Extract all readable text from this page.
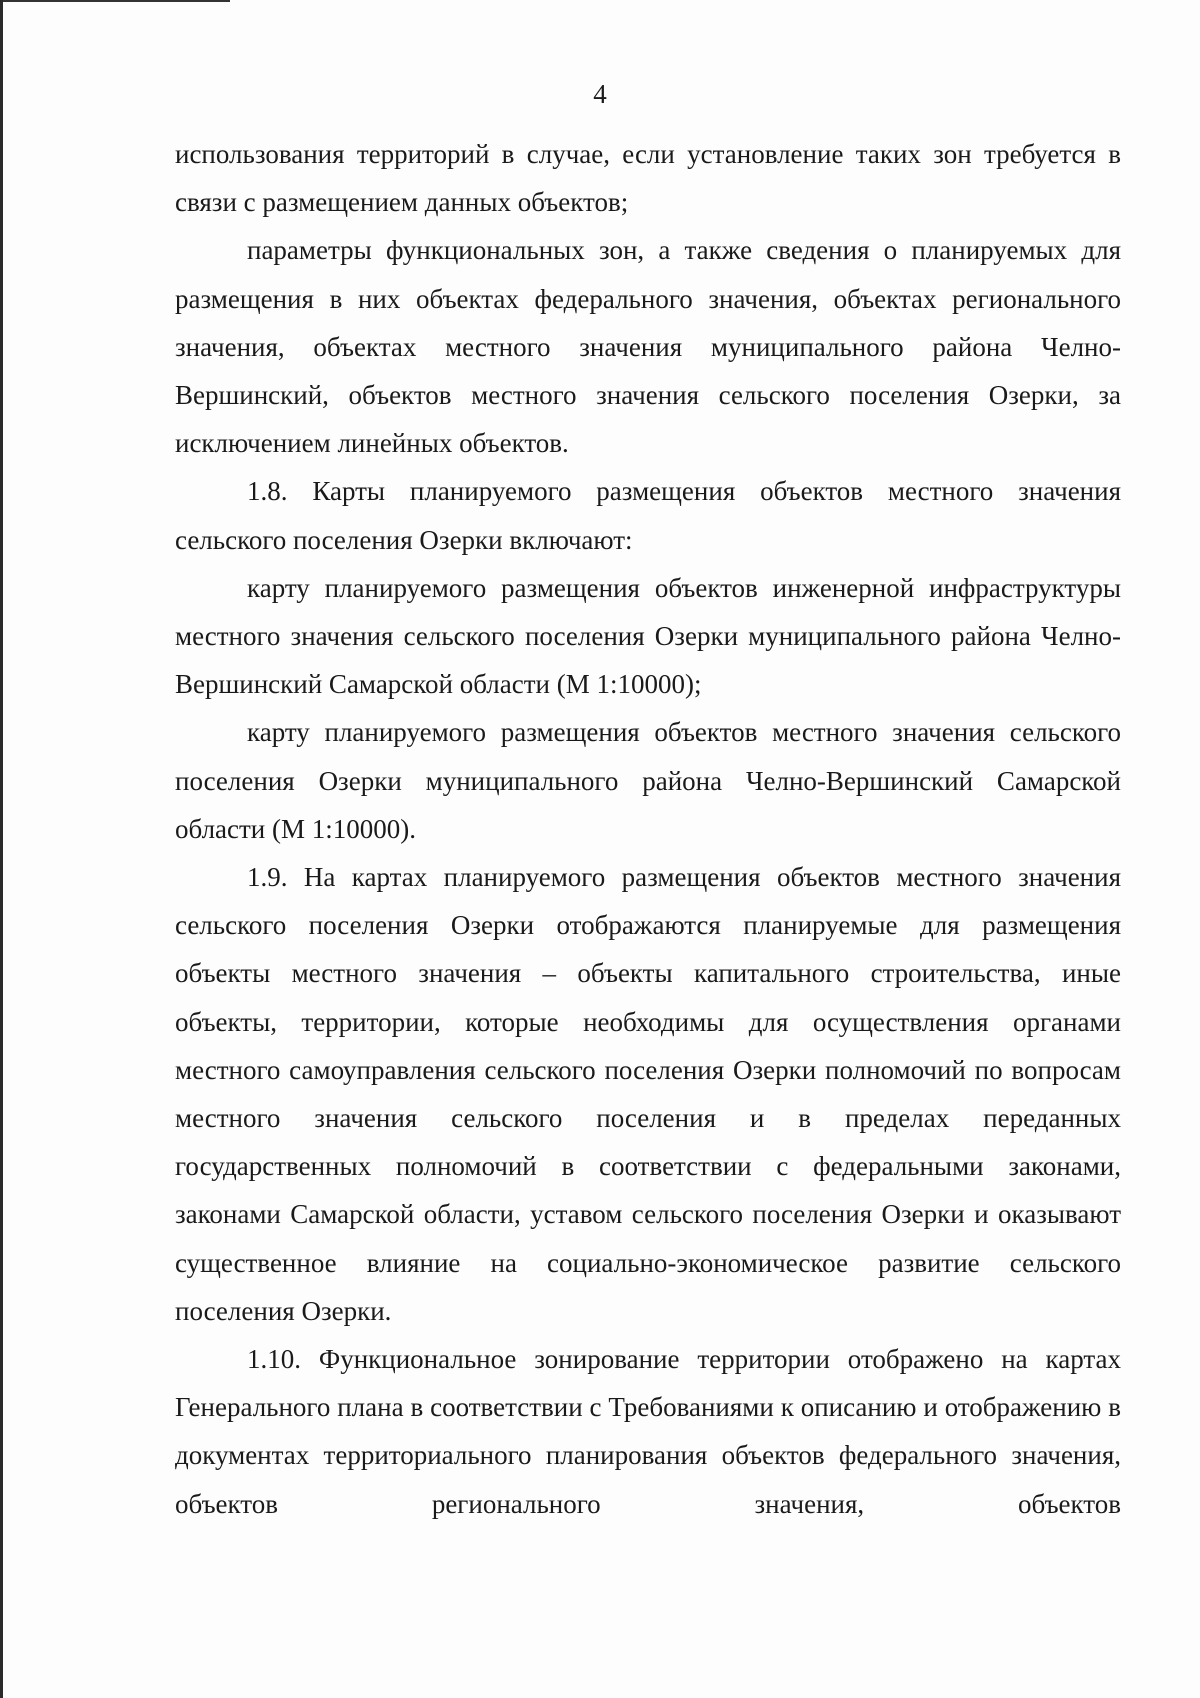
4

использования территорий в случае, если установление таких зон требуется в связи с размещением данных объектов;

параметры функциональных зон, а также сведения о планируемых для размещения в них объектах федерального значения, объектах регионального значения, объектах местного значения муниципального района Челно-Вершинский, объектов местного значения сельского поселения Озерки, за исключением линейных объектов.

1.8. Карты планируемого размещения объектов местного значения сельского поселения Озерки включают:

карту планируемого размещения объектов инженерной инфраструктуры местного значения сельского поселения Озерки муниципального района Челно-Вершинский Самарской области (М 1:10000);

карту планируемого размещения объектов местного значения сельского поселения Озерки муниципального района Челно-Вершинский Самарской области (М 1:10000).

1.9. На картах планируемого размещения объектов местного значения сельского поселения Озерки отображаются планируемые для размещения объекты местного значения – объекты капитального строительства, иные объекты, территории, которые необходимы для осуществления органами местного самоуправления сельского поселения Озерки полномочий по вопросам местного значения сельского поселения и в пределах переданных государственных полномочий в соответствии с федеральными законами, законами Самарской области, уставом сельского поселения Озерки и оказывают существенное влияние на социально-экономическое развитие сельского поселения Озерки.

1.10. Функциональное зонирование территории отображено на картах Генерального плана в соответствии с Требованиями к описанию и отображению в документах территориального планирования объектов федерального значения, объектов регионального значения, объектов
